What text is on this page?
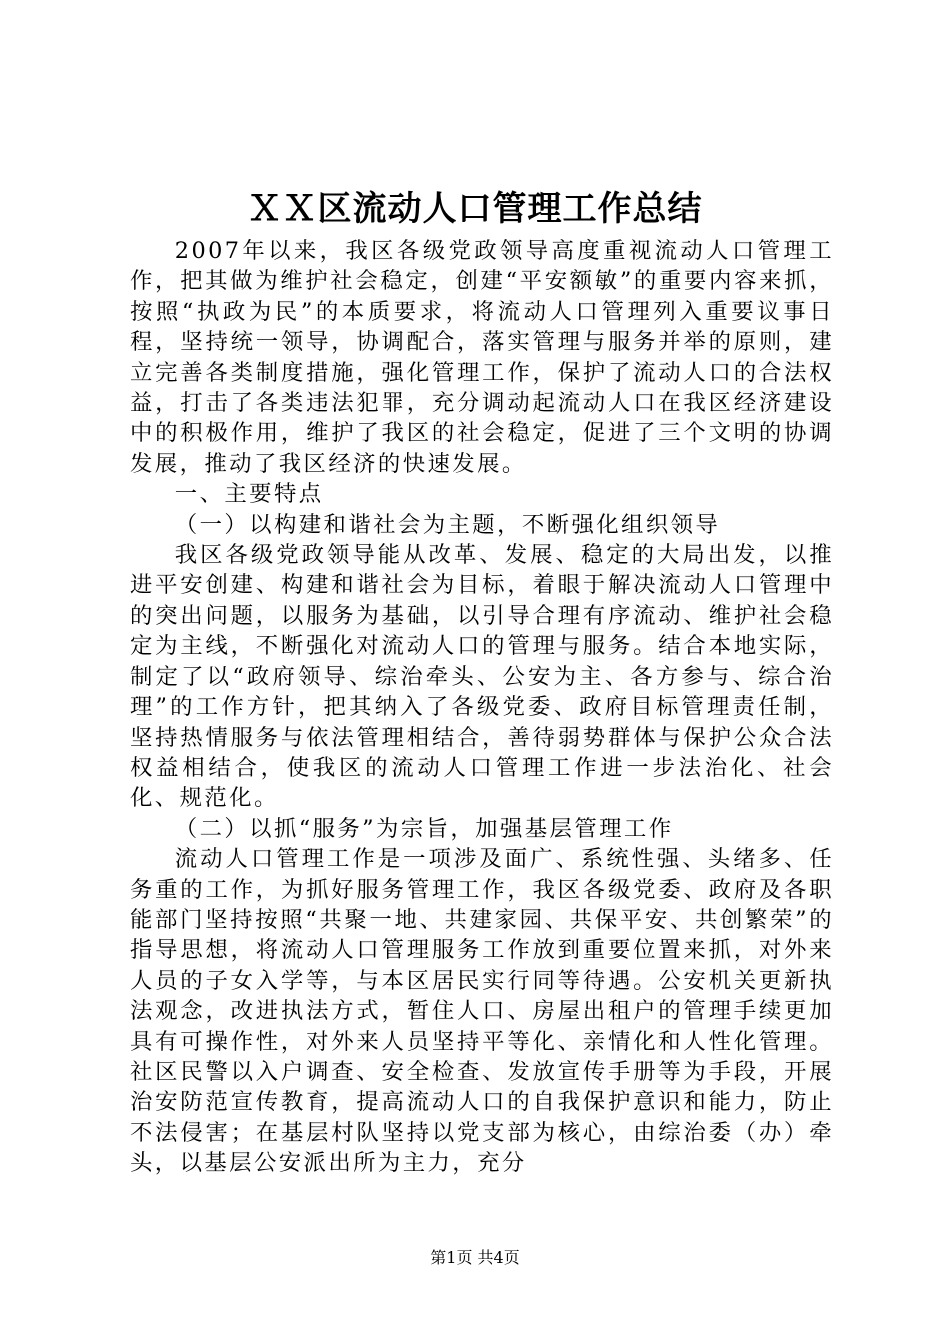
ＸＸ区流动人口管理工作总结

2007年以来，我区各级党政领导高度重视流动人口管理工作，把其做为维护社会稳定，创建“平安额敏”的重要内容来抓，按照“执政为民”的本质要求，将流动人口管理列入重要议事日程，坚持统一领导，协调配合，落实管理与服务并举的原则，建立完善各类制度措施，强化管理工作，保护了流动人口的合法权益，打击了各类违法犯罪，充分调动起流动人口在我区经济建设中的积极作用，维护了我区的社会稳定，促进了三个文明的协调发展，推动了我区经济的快速发展。

一、主要特点

（一）以构建和谐社会为主题，不断强化组织领导

我区各级党政领导能从改革、发展、稳定的大局出发，以推进平安创建、构建和谐社会为目标，着眼于解决流动人口管理中的突出问题，以服务为基础，以引导合理有序流动、维护社会稳定为主线，不断强化对流动人口的管理与服务。结合本地实际，制定了以“政府领导、综治牵头、公安为主、各方参与、综合治理”的工作方针，把其纳入了各级党委、政府目标管理责任制，坚持热情服务与依法管理相结合，善待弱势群体与保护公众合法权益相结合，使我区的流动人口管理工作进一步法治化、社会化、规范化。

（二）以抓“服务”为宗旨，加强基层管理工作

流动人口管理工作是一项涉及面广、系统性强、头绪多、任务重的工作，为抓好服务管理工作，我区各级党委、政府及各职能部门坚持按照“共聚一地、共建家园、共保平安、共创繁荣”的指导思想，将流动人口管理服务工作放到重要位置来抓，对外来人员的子女入学等，与本区居民实行同等待遇。公安机关更新执法观念，改进执法方式，暂住人口、房屋出租户的管理手续更加具有可操作性，对外来人员坚持平等化、亲情化和人性化管理。社区民警以入户调查、安全检查、发放宣传手册等为手段，开展治安防范宣传教育，提高流动人口的自我保护意识和能力，防止不法侵害；在基层村队坚持以党支部为核心，由综治委（办）牵头，以基层公安派出所为主力，充分

第1页 共4页
